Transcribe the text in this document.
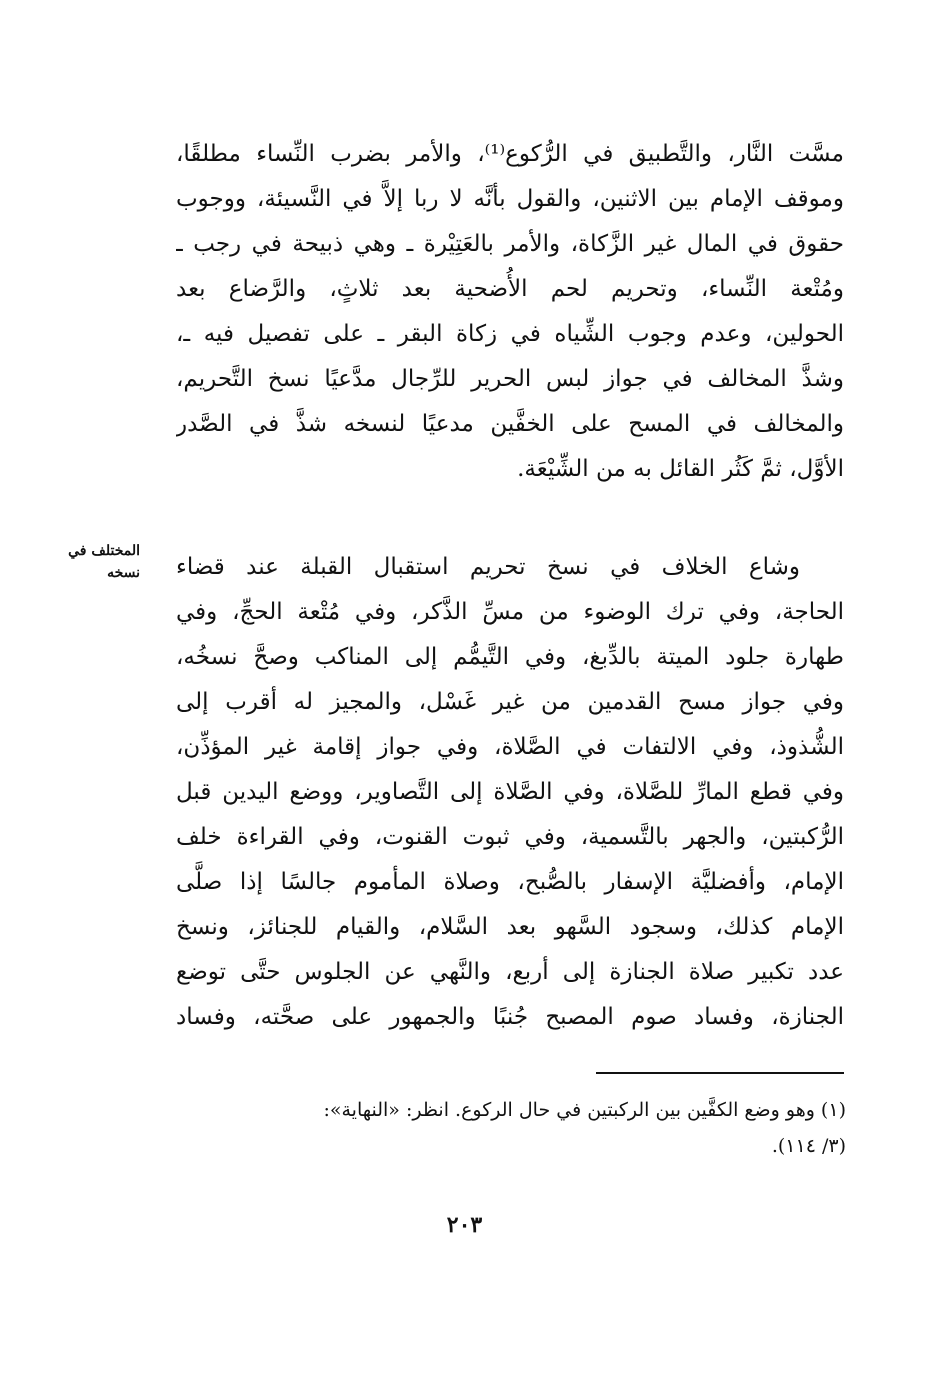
مسَّت النَّار، والتَّطبيق في الرُّكوع⁽¹⁾، والأمر بضرب النِّساء مطلقًا،
وموقف الإمام بين الاثنين، والقول بأنَّه لا ربا إلاَّ في النَّسيئة، ووجوب
حقوق في المال غير الزَّكاة، والأمر بالعَتِيْرة ـ وهي ذبيحة في رجب ـ
ومُتْعة النِّساء، وتحريم لحم الأُضحية بعد ثلاثٍ، والرَّضاع بعد
الحولين، وعدم وجوب الشِّياه في زكاة البقر ـ على تفصيل فيه ـ،
وشذَّ المخالف في جواز لبس الحرير للرِّجال مدَّعيًا نسخ التَّحريم،
والمخالف في المسح على الخفَّين مدعيًا لنسخه شذَّ في الصَّدر
الأوَّل، ثمَّ كَثُر القائل به من الشِّيْعَة.
المختلف في
نسخه وشاع الخلاف في نسخ تحريم استقبال القبلة عند قضاء
الحاجة، وفي ترك الوضوء من مسِّ الذَّكر، وفي مُتْعة الحجِّ، وفي
طهارة جلود الميتة بالدِّبغ، وفي التَّيمُّم إلى المناكب وصحَّ نسخُه،
وفي جواز مسح القدمين من غير غَسْل، والمجيز له أقرب إلى
الشُّذوذ، وفي الالتفات في الصَّلاة، وفي جواز إقامة غير المؤذِّن،
وفي قطع المارِّ للصَّلاة، وفي الصَّلاة إلى التَّصاوير، ووضع اليدين قبل
الرُّكبتين، والجهر بالتَّسمية، وفي ثبوت القنوت، وفي القراءة خلف
الإمام، وأفضليَّة الإسفار بالصُّبح، وصلاة المأموم جالسًا إذا صلَّى
الإمام كذلك، وسجود السَّهو بعد السَّلام، والقيام للجنائز، ونسخ
عدد تكبير صلاة الجنازة إلى أربع، والنَّهي عن الجلوس حتَّى توضع
الجنازة، وفساد صوم المصبح جُنبًا والجمهور على صحَّته، وفساد
(١) وهو وضع الكفَّين بين الركبتين في حال الركوع. انظر: «النهاية»:
(٣/ ١١٤).
٢٠٣
